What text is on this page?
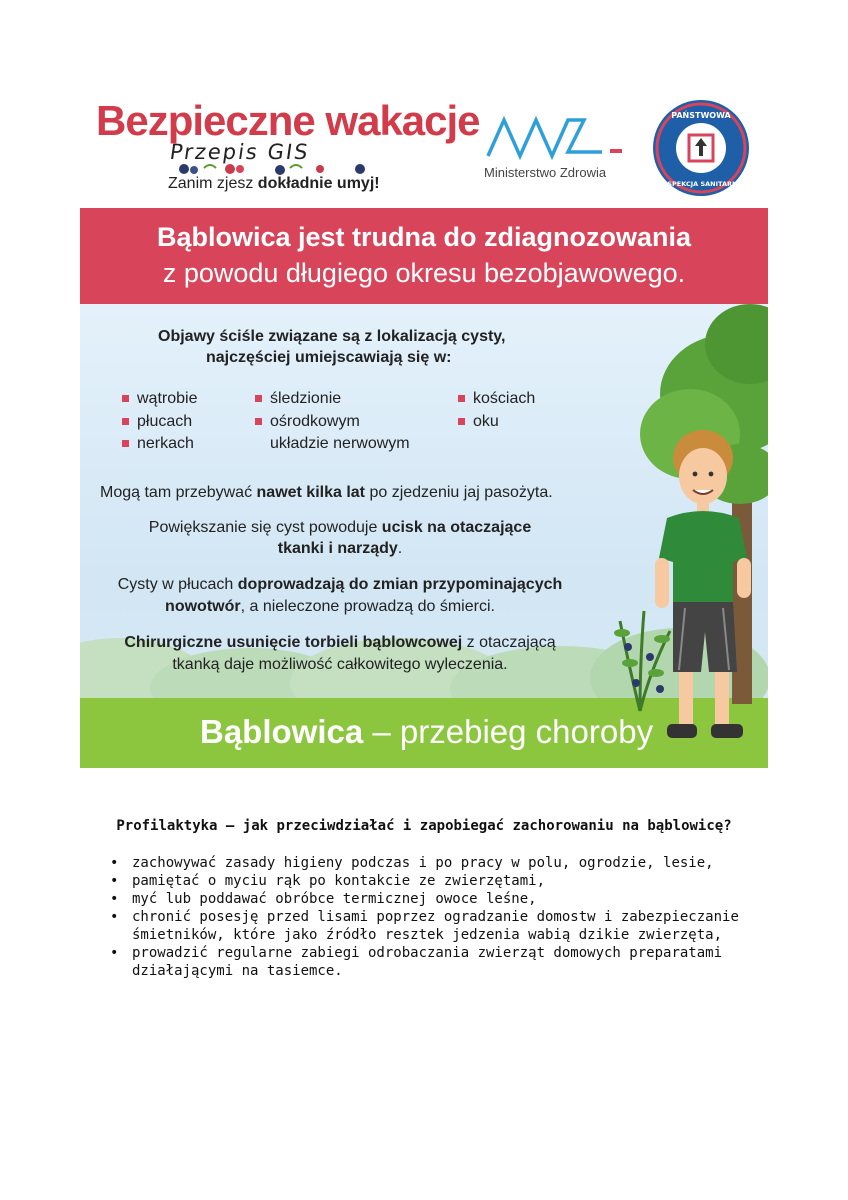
Bezpieczne wakacje
Przepis GIS
Zanim zjesz dokładnie umyj!
Ministerstwo Zdrowia
PAŃSTWOWA
INSPEKCJA SANITARNA
Bąblowica jest trudna do zdiagnozowania
z powodu długiego okresu bezobjawowego.
Objawy ściśle związane są z lokalizacją cysty,
najczęściej umiejscawiają się w:
wątrobie
płucach
nerkach
śledzionie
ośrodkowym
układzie nerwowym
kościach
oku
Mogą tam przebywać nawet kilka lat po zjedzeniu jaj pasożyta.
Powiększanie się cyst powoduje ucisk na otaczające
tkanki i narządy.
Cysty w płucach doprowadzają do zmian przypominających
nowotwór, a nieleczone prowadzą do śmierci.
Chirurgiczne usunięcie torbieli bąblowcowej z otaczającą
tkanką daje możliwość całkowitego wyleczenia.
Bąblowica – przebieg choroby
Profilaktyka – jak przeciwdziałać i zapobiegać zachorowaniu na bąblowicę?
• zachowywać zasady higieny podczas i po pracy w polu, ogrodzie, lesie,
• pamiętać o myciu rąk po kontakcie ze zwierzętami,
• myć lub poddawać obróbce termicznej owoce leśne,
• chronić posesję przed lisami poprzez ogradzanie domostw i zabezpieczanie śmietników, które jako źródło resztek jedzenia wabią dzikie zwierzęta,
• prowadzić regularne zabiegi odrobaczania zwierząt domowych preparatami działającymi na tasiemce.
